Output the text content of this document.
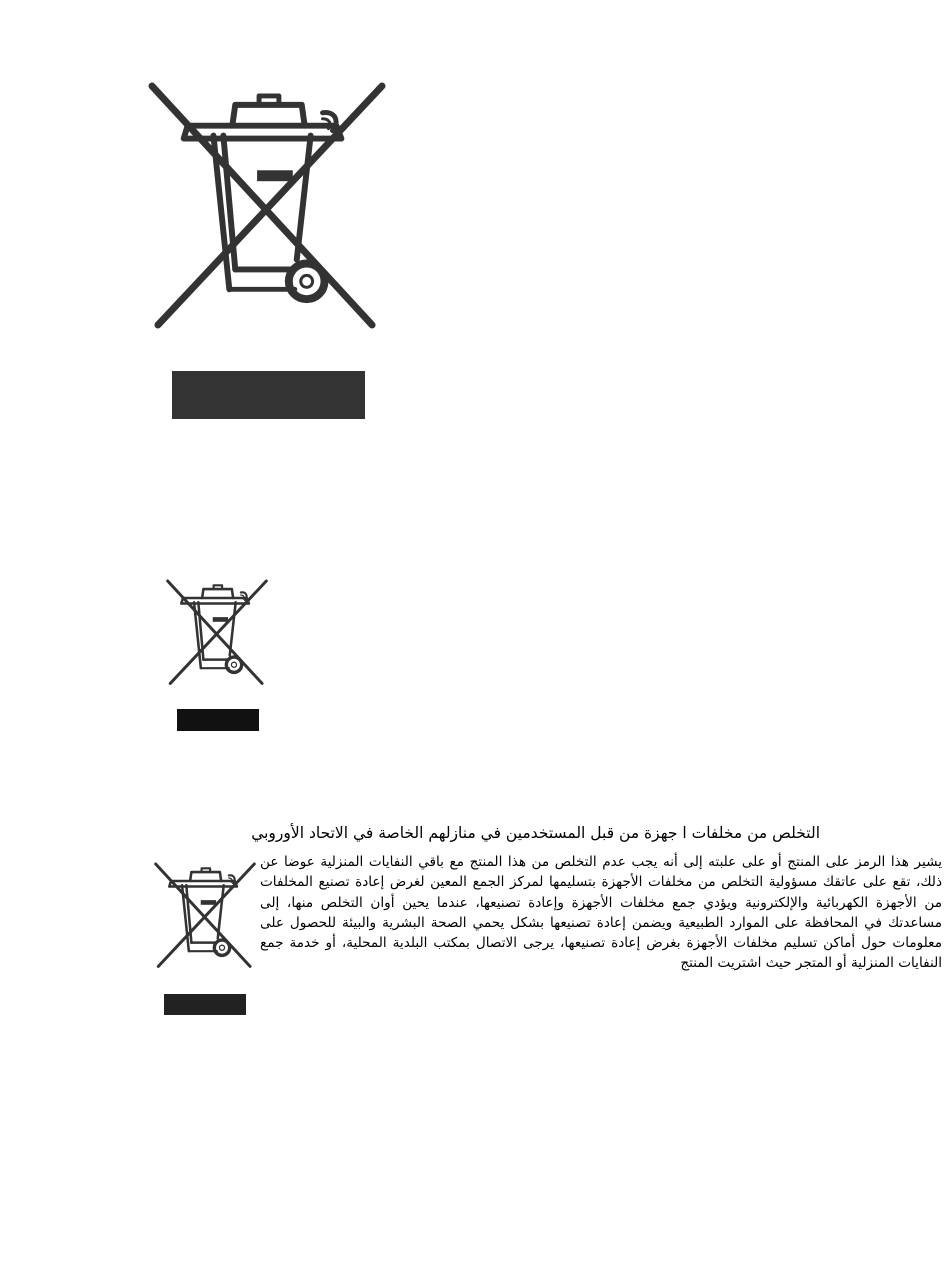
التخلص من مخلفات ا جهزة من قبل المستخدمين في منازلهم الخاصة في الاتحاد الأوروبي

يشير هذا الرمز على المنتج أو على علبته إلى أنه يجب عدم التخلص من هذا المنتج مع باقي النفايات المنزلية عوضا عن ذلك، تقع على عاتقك مسؤولية التخلص من مخلفات الأجهزة بتسليمها لمركز الجمع المعين لغرض إعادة تصنيع المخلفات من الأجهزة الكهربائية والإلكترونية ويؤدي جمع مخلفات الأجهزة وإعادة تصنيعها، عندما يحين أوان التخلص منها، إلى مساعدتك في المحافظة على الموارد الطبيعية ويضمن إعادة تصنيعها بشكل يحمي الصحة البشرية والبيئة للحصول على معلومات حول أماكن تسليم مخلفات الأجهزة بغرض إعادة تصنيعها، يرجى الاتصال بمكتب البلدية المحلية، أو خدمة جمع النفايات المنزلية أو المتجر حيث اشتريت المنتج
